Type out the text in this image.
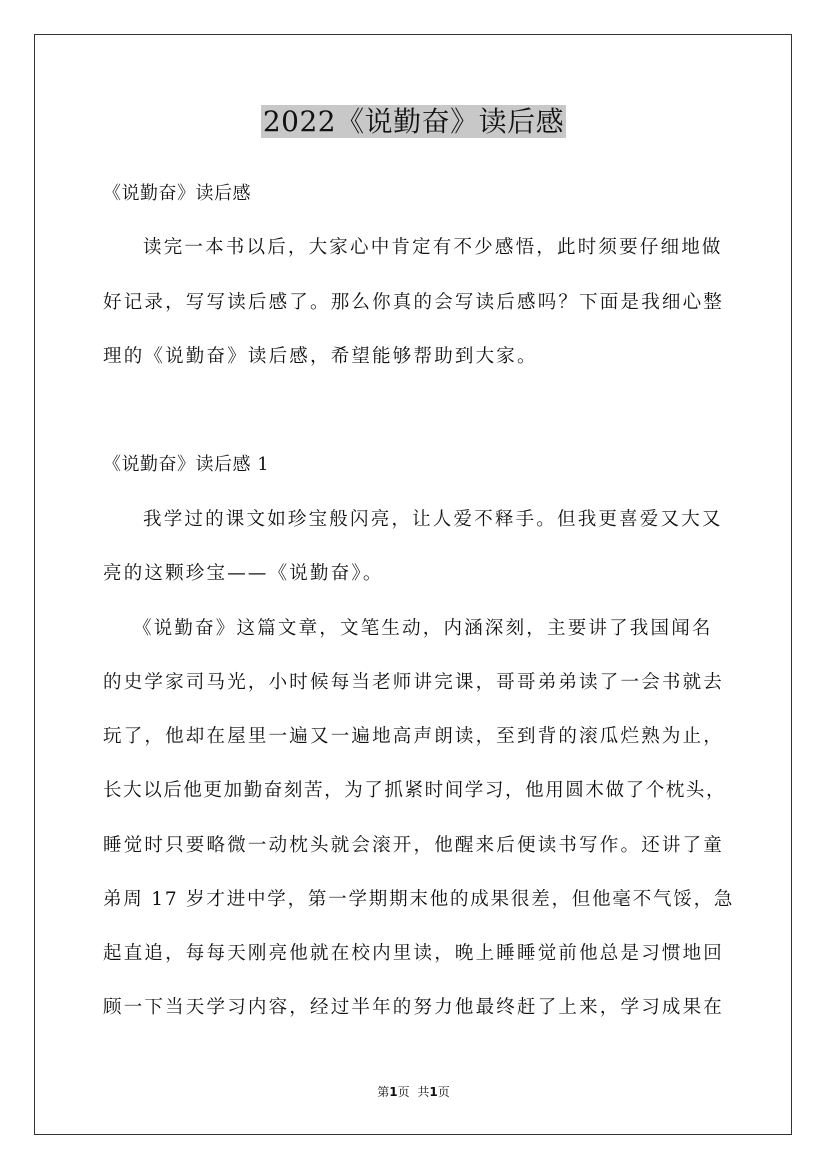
2022《说勤奋》读后感
《说勤奋》读后感
读完一本书以后，大家心中肯定有不少感悟，此时须要仔细地做
好记录，写写读后感了。那么你真的会写读后感吗？下面是我细心整
理的《说勤奋》读后感，希望能够帮助到大家。
《说勤奋》读后感 1
我学过的课文如珍宝般闪亮，让人爱不释手。但我更喜爱又大又
亮的这颗珍宝——《说勤奋》。
《说勤奋》这篇文章，文笔生动，内涵深刻，主要讲了我国闻名
的史学家司马光，小时候每当老师讲完课，哥哥弟弟读了一会书就去
玩了，他却在屋里一遍又一遍地高声朗读，至到背的滚瓜烂熟为止，
长大以后他更加勤奋刻苦，为了抓紧时间学习，他用圆木做了个枕头，
睡觉时只要略微一动枕头就会滚开，他醒来后便读书写作。还讲了童
弟周 17 岁才进中学，第一学期期末他的成果很差，但他毫不气馁，急
起直追，每每天刚亮他就在校内里读，晚上睡睡觉前他总是习惯地回
顾一下当天学习内容，经过半年的努力他最终赶了上来，学习成果在
第1页 共1页
